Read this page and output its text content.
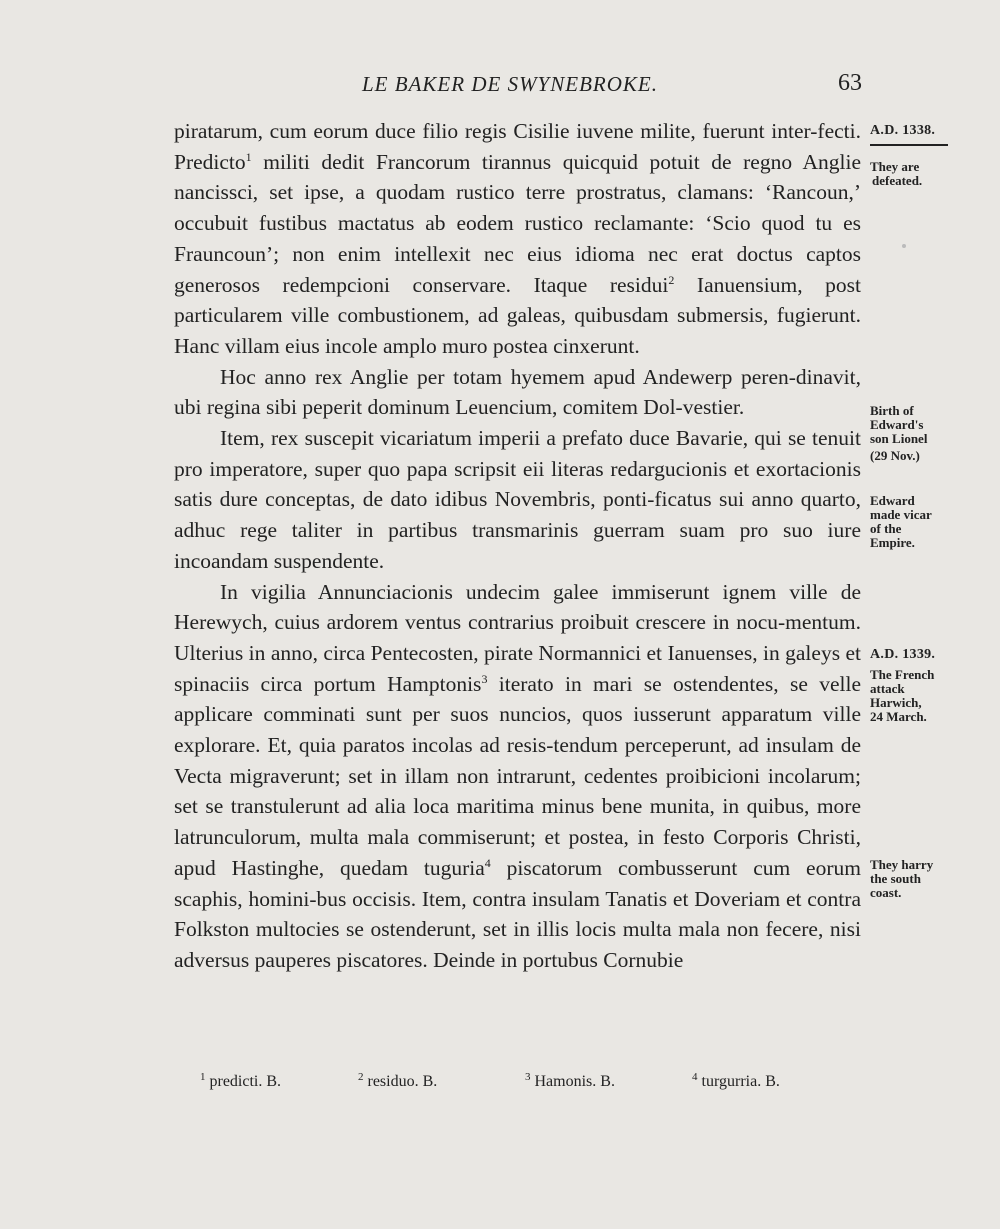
LE BAKER DE SWYNEBROKE.	63

piratarum, cum eorum duce filio regis Cisilie iuvene milite, fuerunt inter-fecti. Predicto$^1$ militi dedit Francorum tirannus quicquid potuit de regno Anglie nancissci, set ipse, a quodam rustico terre prostratus, clamans: ‘Rancoun,’ occubuit fustibus mactatus ab eodem rustico reclamante: ‘Scio quod tu es Frauncoun’; non enim intellexit nec eius idioma nec erat doctus captos generosos redempcioni conservare. Itaque residui$^2$ Ianuensium, post particularem ville combustionem, ad galeas, quibusdam submersis, fugierunt. Hanc villam eius incole amplo muro postea cinxerunt.

Hoc anno rex Anglie per totam hyemem apud Andewerp peren-dinavit, ubi regina sibi peperit dominum Leuencium, comitem Dol-vestier.

Item, rex suscepit vicariatum imperii a prefato duce Bavarie, qui se tenuit pro imperatore, super quo papa scripsit eii literas redargucionis et exortacionis satis dure conceptas, de dato idibus Novembris, ponti-ficatus sui anno quarto, adhuc rege taliter in partibus transmarinis guerram suam pro suo iure incoandam suspendente.

In vigilia Annunciacionis undecim galee immiserunt ignem ville de Herewych, cuius ardorem ventus contrarius proibuit crescere in nocu-mentum. Ulterius in anno, circa Pentecosten, pirate Normannici et Ianuenses, in galeys et spinaciis circa portum Hamptonis$^3$ iterato in mari se ostendentes, se velle applicare comminati sunt per suos nuncios, quos iusserunt apparatum ville explorare. Et, quia paratos incolas ad resis-tendum perceperunt, ad insulam de Vecta migraverunt; set in illam non intrarunt, cedentes proibicioni incolarum; set se transtulerunt ad alia loca maritima minus bene munita, in quibus, more latrunculorum, multa mala commiserunt; et postea, in festo Corporis Christi, apud Hastinghe, quedam tuguria$^4$ piscatorum combusserunt cum eorum scaphis, homini-bus occisis. Item, contra insulam Tanatis et Doveriam et contra Folkston multocies se ostenderunt, set in illis locis multa mala non fecere, nisi adversus pauperes piscatores. Deinde in portubus Cornubie

A.D. 1338.
They are
defeated.
Birth of
Edward's
son Lionel
(29 Nov.)
Edward
made vicar
of the
Empire.
A.D. 1339.
The French
attack
Harwich,
24 March.
They harry
the south
coast.
$^1$ predicti. B.	$^2$ residuo. B.	$^3$ Hamonis. B.	$^4$ turgurria. B.
